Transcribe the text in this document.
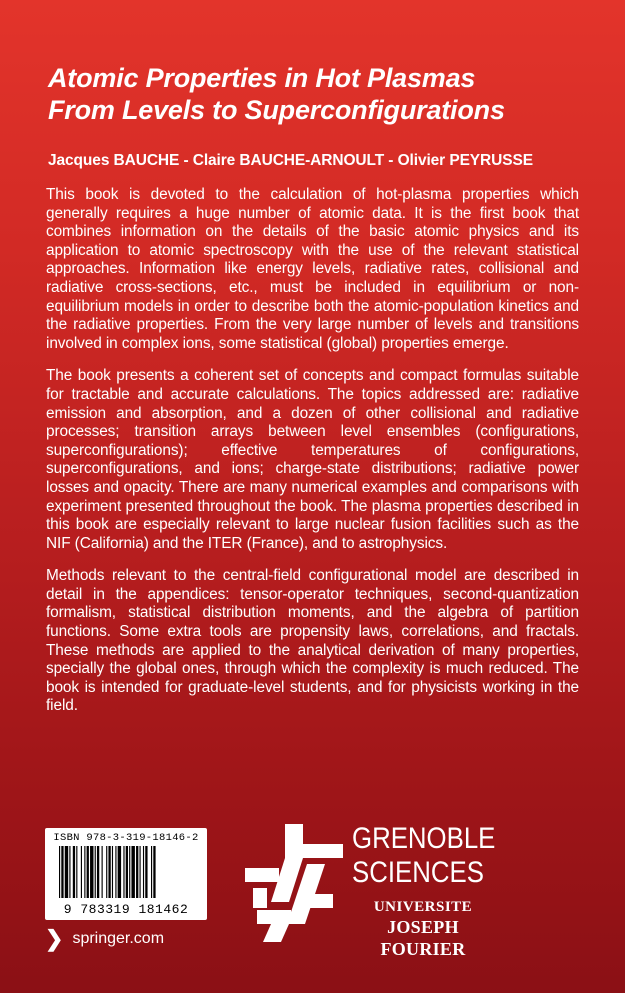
Atomic Properties in Hot Plasmas
From Levels to Superconfigurations
Jacques BAUCHE - Claire BAUCHE-ARNOULT - Olivier PEYRUSSE

This book is devoted to the calculation of hot-plasma properties which generally requires a huge number of atomic data. It is the first book that combines information on the details of the basic atomic physics and its application to atomic spectroscopy with the use of the relevant statistical approaches. Information like energy levels, radiative rates, collisional and radiative cross-sections, etc., must be included in equilibrium or non-equilibrium models in order to describe both the atomic-population kinetics and the radiative properties. From the very large number of levels and transitions involved in complex ions, some statistical (global) properties emerge.

The book presents a coherent set of concepts and compact formulas suitable for tractable and accurate calculations. The topics addressed are: radiative emission and absorption, and a dozen of other collisional and radiative processes; transition arrays between level ensembles (configurations, superconfigurations); effective temperatures of configurations, superconfigurations, and ions; charge-state distributions; radiative power losses and opacity. There are many numerical examples and comparisons with experiment presented throughout the book. The plasma properties described in this book are especially relevant to large nuclear fusion facilities such as the NIF (California) and the ITER (France), and to astrophysics.

Methods relevant to the central-field configurational model are described in detail in the appendices: tensor-operator techniques, second-quantization formalism, statistical distribution moments, and the algebra of partition functions. Some extra tools are propensity laws, correlations, and fractals. These methods are applied to the analytical derivation of many properties, specially the global ones, through which the complexity is much reduced. The book is intended for graduate-level students, and for physicists working in the field.

ISBN 978-3-319-18146-2
9 783319 181462
❯ springer.com
GRENOBLE
SCIENCES
UNIVERSITE
JOSEPH FOURIER
